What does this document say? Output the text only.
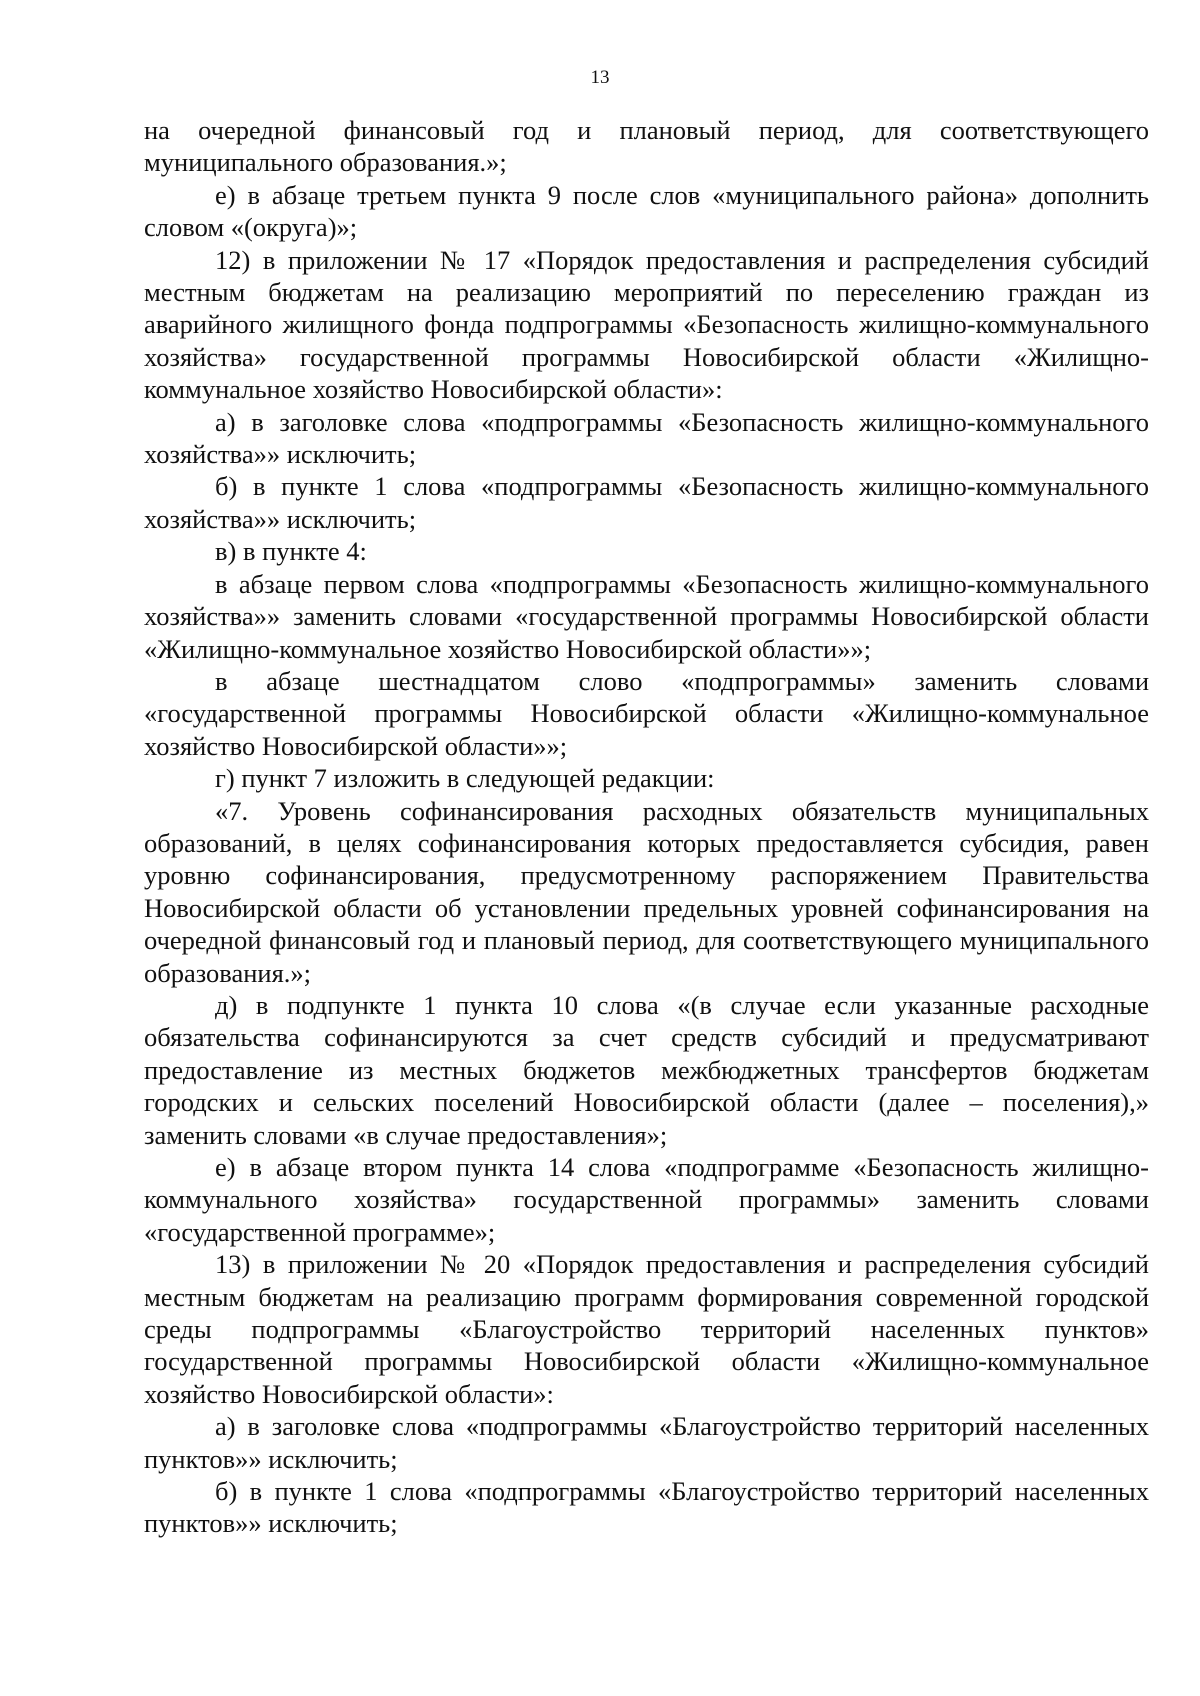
13

на очередной финансовый год и плановый период, для соответствующего муниципального образования.»;

е) в абзаце третьем пункта 9 после слов «муниципального района» дополнить словом «(округа)»;

12) в приложении № 17 «Порядок предоставления и распределения субсидий местным бюджетам на реализацию мероприятий по переселению граждан из аварийного жилищного фонда подпрограммы «Безопасность жилищно-коммунального хозяйства» государственной программы Новосибирской области «Жилищно-коммунальное хозяйство Новосибирской области»:

а) в заголовке слова «подпрограммы «Безопасность жилищно-коммунального хозяйства»» исключить;

б) в пункте 1 слова «подпрограммы «Безопасность жилищно-коммунального хозяйства»» исключить;

в) в пункте 4:

в абзаце первом слова «подпрограммы «Безопасность жилищно-коммунального хозяйства»» заменить словами «государственной программы Новосибирской области «Жилищно-коммунальное хозяйство Новосибирской области»»;

в абзаце шестнадцатом слово «подпрограммы» заменить словами «государственной программы Новосибирской области «Жилищно-коммунальное хозяйство Новосибирской области»»;

г) пункт 7 изложить в следующей редакции:

«7. Уровень софинансирования расходных обязательств муниципальных образований, в целях софинансирования которых предоставляется субсидия, равен уровню софинансирования, предусмотренному распоряжением Правительства Новосибирской области об установлении предельных уровней софинансирования на очередной финансовый год и плановый период, для соответствующего муниципального образования.»;

д) в подпункте 1 пункта 10 слова «(в случае если указанные расходные обязательства софинансируются за счет средств субсидий и предусматривают предоставление из местных бюджетов межбюджетных трансфертов бюджетам городских и сельских поселений Новосибирской области (далее – поселения),» заменить словами «в случае предоставления»;

е) в абзаце втором пункта 14 слова «подпрограмме «Безопасность жилищно-коммунального хозяйства» государственной программы» заменить словами «государственной программе»;

13) в приложении № 20 «Порядок предоставления и распределения субсидий местным бюджетам на реализацию программ формирования современной городской среды подпрограммы «Благоустройство территорий населенных пунктов» государственной программы Новосибирской области «Жилищно-коммунальное хозяйство Новосибирской области»:

а) в заголовке слова «подпрограммы «Благоустройство территорий населенных пунктов»» исключить;

б) в пункте 1 слова «подпрограммы «Благоустройство территорий населенных пунктов»» исключить;
